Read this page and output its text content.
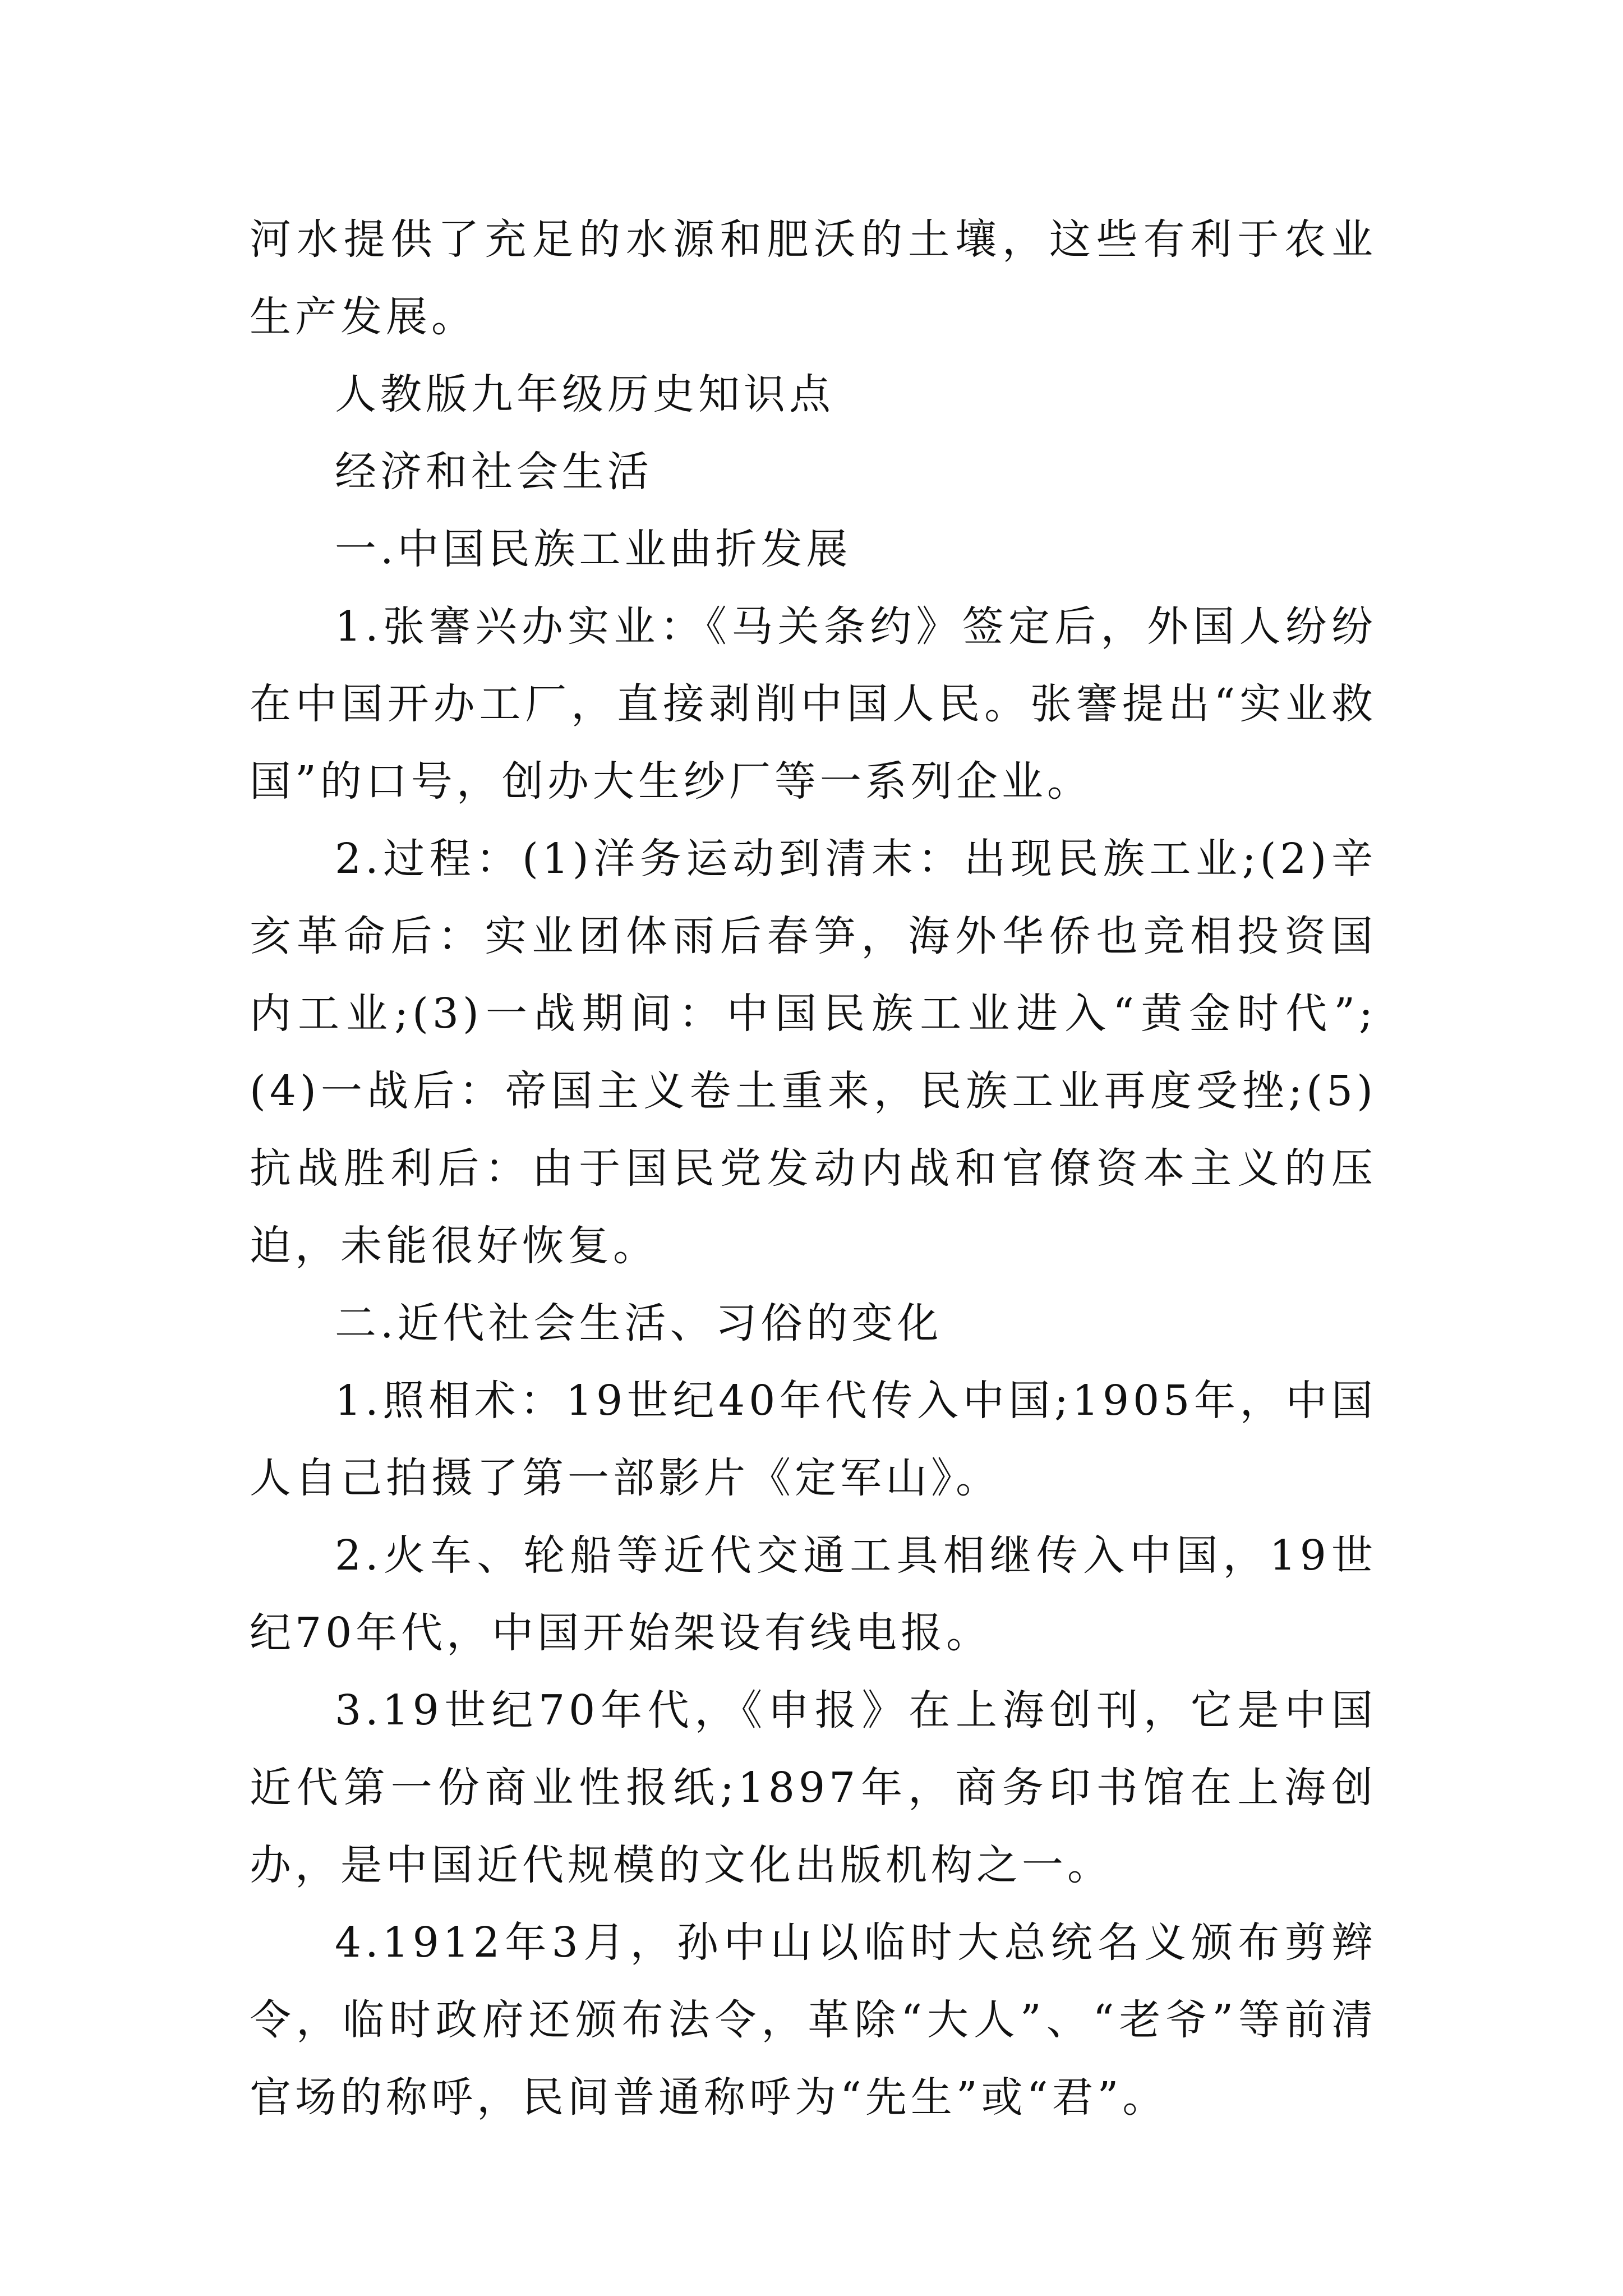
河水提供了充足的水源和肥沃的土壤，这些有利于农业生产发展。

人教版九年级历史知识点

经济和社会生活

一.中国民族工业曲折发展

1.张謇兴办实业：《马关条约》签定后，外国人纷纷在中国开办工厂，直接剥削中国人民。张謇提出“实业救国”的口号，创办大生纱厂等一系列企业。

2.过程：(1)洋务运动到清末：出现民族工业;(2)辛亥革命后：实业团体雨后春笋，海外华侨也竞相投资国内工业;(3)一战期间：中国民族工业进入“黄金时代”;(4)一战后：帝国主义卷土重来，民族工业再度受挫;(5)抗战胜利后：由于国民党发动内战和官僚资本主义的压迫，未能很好恢复。

二.近代社会生活、习俗的变化

1.照相术：19世纪40年代传入中国;1905年，中国人自己拍摄了第一部影片《定军山》。

2.火车、轮船等近代交通工具相继传入中国，19世纪70年代，中国开始架设有线电报。

3.19世纪70年代，《申报》在上海创刊，它是中国近代第一份商业性报纸;1897年，商务印书馆在上海创办，是中国近代规模的文化出版机构之一。

4.1912年3月，孙中山以临时大总统名义颁布剪辫令，临时政府还颁布法令，革除“大人”、“老爷”等前清官场的称呼，民间普通称呼为“先生”或“君”。
